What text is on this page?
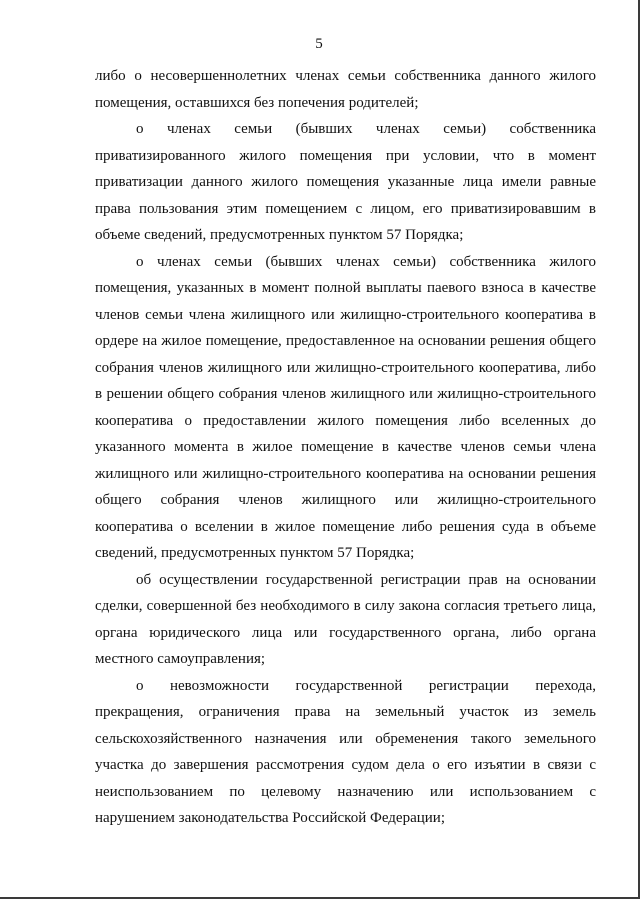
5

либо о несовершеннолетних членах семьи собственника данного жилого помещения, оставшихся без попечения родителей;

о членах семьи (бывших членах семьи) собственника приватизированного жилого помещения при условии, что в момент приватизации данного жилого помещения указанные лица имели равные права пользования этим помещением с лицом, его приватизировавшим в объеме сведений, предусмотренных пунктом 57 Порядка;

о членах семьи (бывших членах семьи) собственника жилого помещения, указанных в момент полной выплаты паевого взноса в качестве членов семьи члена жилищного или жилищно-строительного кооператива в ордере на жилое помещение, предоставленное на основании решения общего собрания членов жилищного или жилищно-строительного кооператива, либо в решении общего собрания членов жилищного или жилищно-строительного кооператива о предоставлении жилого помещения либо вселенных до указанного момента в жилое помещение в качестве членов семьи члена жилищного или жилищно-строительного кооператива на основании решения общего собрания членов жилищного или жилищно-строительного кооператива о вселении в жилое помещение либо решения суда в объеме сведений, предусмотренных пунктом 57 Порядка;

об осуществлении государственной регистрации прав на основании сделки, совершенной без необходимого в силу закона согласия третьего лица, органа юридического лица или государственного органа, либо органа местного самоуправления;

о невозможности государственной регистрации перехода, прекращения, ограничения права на земельный участок из земель сельскохозяйственного назначения или обременения такого земельного участка до завершения рассмотрения судом дела о его изъятии в связи с неиспользованием по целевому назначению или использованием с нарушением законодательства Российской Федерации;
